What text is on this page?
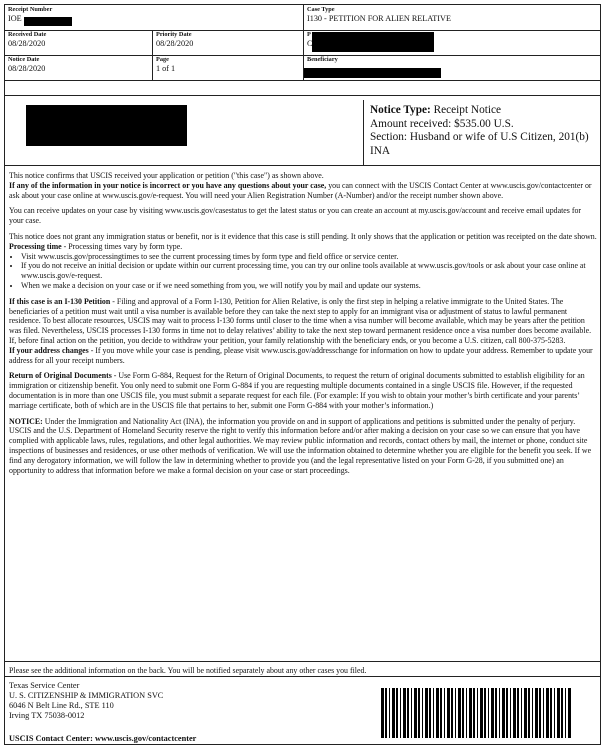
Receipt Number
IOE
Case Type
I130 - PETITION FOR ALIEN RELATIVE
Received Date
08/28/2020
Priority Date
08/28/2020
P
C
Notice Date
08/28/2020
Page
1 of 1
Beneficiary
Notice Type: Receipt Notice
Amount received: $535.00 U.S.
Section: Husband or wife of U.S Citizen, 201(b) INA

This notice confirms that USCIS received your application or petition ("this case") as shown above.
If any of the information in your notice is incorrect or you have any questions about your case, you can connect with the USCIS Contact Center at www.uscis.gov/contactcenter or ask about your case online at www.uscis.gov/e-request. You will need your Alien Registration Number (A-Number) and/or the receipt number shown above.

You can receive updates on your case by visiting www.uscis.gov/casestatus to get the latest status or you can create an account at my.uscis.gov/account and receive email updates for your case.

This notice does not grant any immigration status or benefit, nor is it evidence that this case is still pending. It only shows that the application or petition was receipted on the date shown.

Processing time - Processing times vary by form type.
• Visit www.uscis.gov/processingtimes to see the current processing times by form type and field office or service center.
• If you do not receive an initial decision or update within our current processing time, you can try our online tools available at www.uscis.gov/tools or ask about your case online at www.uscis.gov/e-request.
• When we make a decision on your case or if we need something from you, we will notify you by mail and update our systems.

If this case is an I-130 Petition - Filing and approval of a Form I-130, Petition for Alien Relative, is only the first step in helping a relative immigrate to the United States. The beneficiaries of a petition must wait until a visa number is available before they can take the next step to apply for an immigrant visa or adjustment of status to lawful permanent residence. To best allocate resources, USCIS may wait to process I-130 forms until closer to the time when a visa number will become available, which may be years after the petition was filed. Nevertheless, USCIS processes I-130 forms in time not to delay relatives’ ability to take the next step toward permanent residence once a visa number does become available. If, before final action on the petition, you decide to withdraw your petition, your family relationship with the beneficiary ends, or you become a U.S. citizen, call 800-375-5283.

If your address changes - If you move while your case is pending, please visit www.uscis.gov/addresschange for information on how to update your address. Remember to update your address for all your receipt numbers.

Return of Original Documents - Use Form G-884, Request for the Return of Original Documents, to request the return of original documents submitted to establish eligibility for an immigration or citizenship benefit. You only need to submit one Form G-884 if you are requesting multiple documents contained in a single USCIS file. However, if the requested documentation is in more than one USCIS file, you must submit a separate request for each file. (For example: If you wish to obtain your mother’s birth certificate and your parents’ marriage certificate, both of which are in the USCIS file that pertains to her, submit one Form G-884 with your mother’s information.)

NOTICE: Under the Immigration and Nationality Act (INA), the information you provide on and in support of applications and petitions is submitted under the penalty of perjury. USCIS and the U.S. Department of Homeland Security reserve the right to verify this information before and/or after making a decision on your case so we can ensure that you have complied with applicable laws, rules, regulations, and other legal authorities. We may review public information and records, contact others by mail, the internet or phone, conduct site inspections of businesses and residences, or use other methods of verification. We will use the information obtained to determine whether you are eligible for the benefit you seek. If we find any derogatory information, we will follow the law in determining whether to provide you (and the legal representative listed on your Form G-28, if you submitted one) an opportunity to address that information before we make a formal decision on your case or start proceedings.

Please see the additional information on the back. You will be notified separately about any other cases you filed.
Texas Service Center
U. S. CITIZENSHIP & IMMIGRATION SVC
6046 N Belt Line Rd., STE 110
Irving TX 75038-0012
USCIS Contact Center: www.uscis.gov/contactcenter
